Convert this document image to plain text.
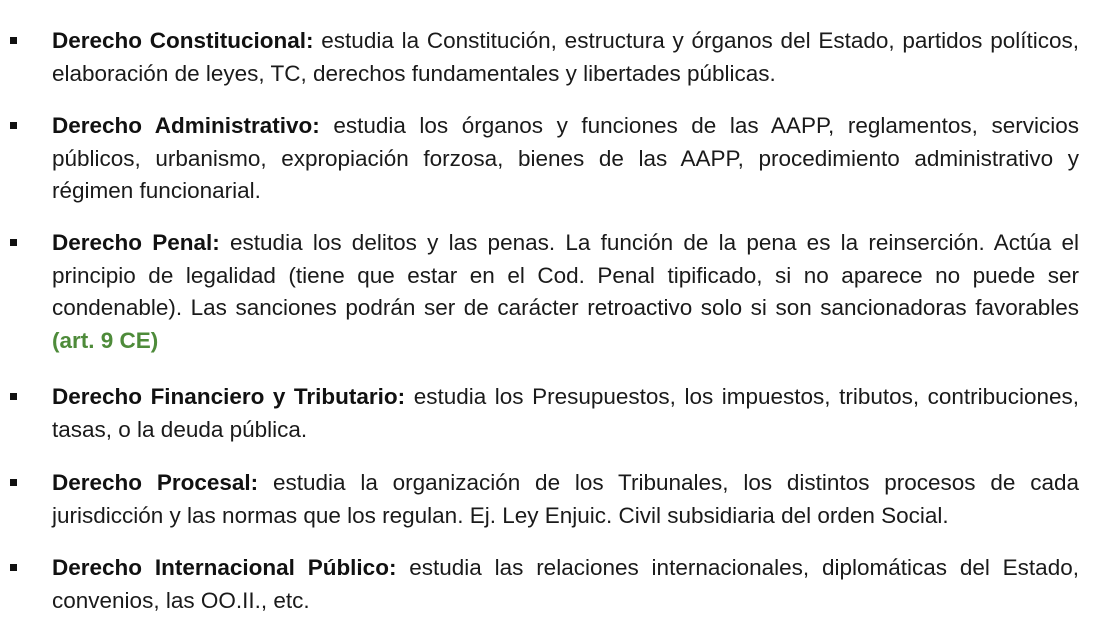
Derecho Constitucional: estudia la Constitución, estructura y órganos del Estado, partidos políticos, elaboración de leyes, TC, derechos fundamentales y libertades públicas.
Derecho Administrativo: estudia los órganos y funciones de las AAPP, reglamentos, servicios públicos, urbanismo, expropiación forzosa, bienes de las AAPP, procedimiento administrativo y régimen funcionarial.
Derecho Penal: estudia los delitos y las penas. La función de la pena es la reinserción. Actúa el principio de legalidad (tiene que estar en el Cod. Penal tipificado, si no aparece no puede ser condenable). Las sanciones podrán ser de carácter retroactivo solo si son sancionadoras favorables (art. 9 CE)
Derecho Financiero y Tributario: estudia los Presupuestos, los impuestos, tributos, contribuciones, tasas, o la deuda pública.
Derecho Procesal: estudia la organización de los Tribunales, los distintos procesos de cada jurisdicción y las normas que los regulan. Ej. Ley Enjuic. Civil subsidiaria del orden Social.
Derecho Internacional Público: estudia las relaciones internacionales, diplomáticas del Estado, convenios, las OO.II., etc.
